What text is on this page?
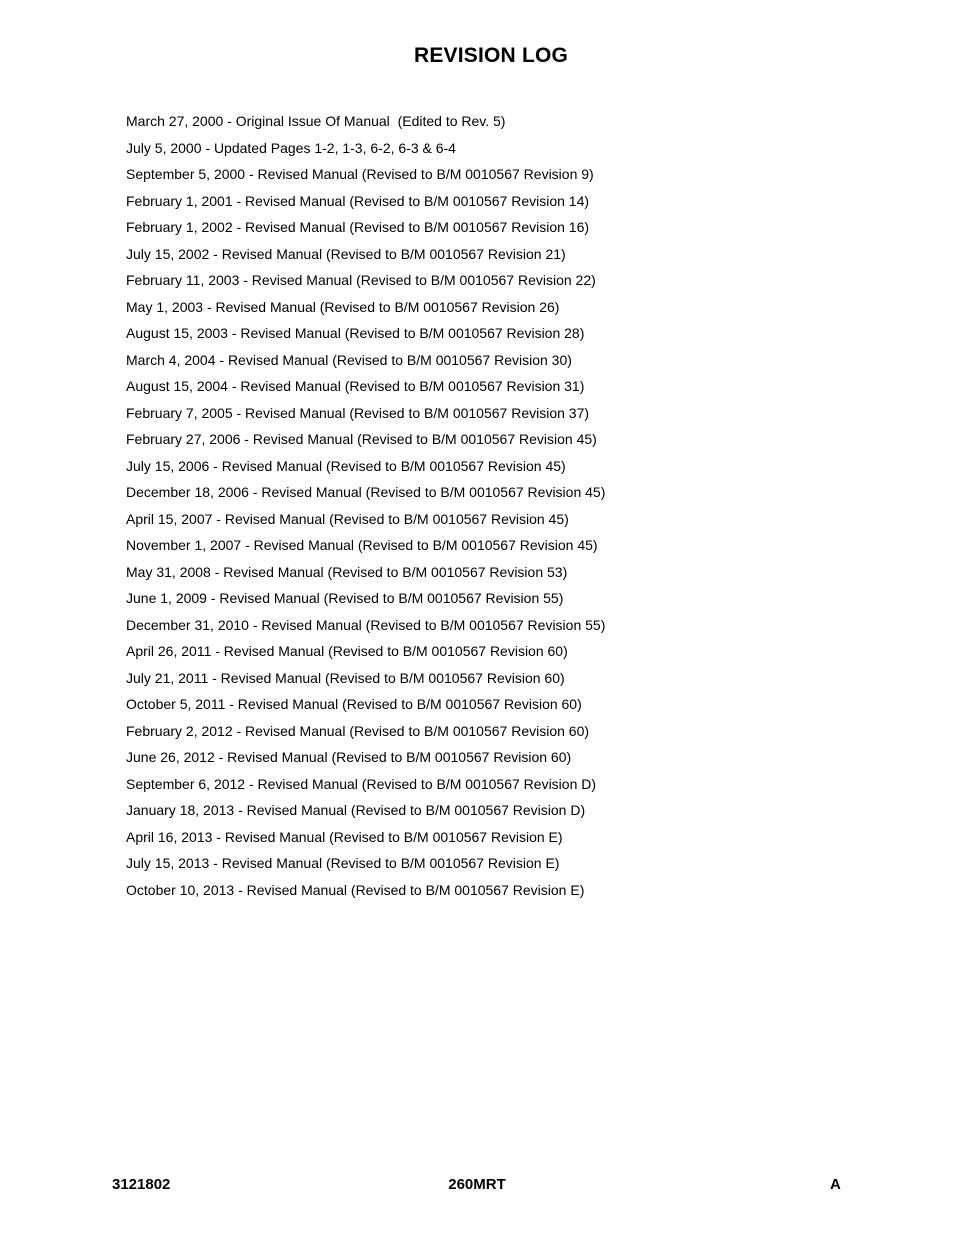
REVISION LOG
March 27, 2000 - Original Issue Of Manual  (Edited to Rev. 5)
July 5, 2000 - Updated Pages 1-2, 1-3, 6-2, 6-3 & 6-4
September 5, 2000 - Revised Manual (Revised to B/M 0010567 Revision 9)
February 1, 2001 - Revised Manual (Revised to B/M 0010567 Revision 14)
February 1, 2002 - Revised Manual (Revised to B/M 0010567 Revision 16)
July 15, 2002 - Revised Manual (Revised to B/M 0010567 Revision 21)
February 11, 2003 - Revised Manual (Revised to B/M 0010567 Revision 22)
May 1, 2003 - Revised Manual (Revised to B/M 0010567 Revision 26)
August 15, 2003 - Revised Manual (Revised to B/M 0010567 Revision 28)
March 4, 2004 - Revised Manual (Revised to B/M 0010567 Revision 30)
August 15, 2004 - Revised Manual (Revised to B/M 0010567 Revision 31)
February 7, 2005 - Revised Manual (Revised to B/M 0010567 Revision 37)
February 27, 2006 - Revised Manual (Revised to B/M 0010567 Revision 45)
July 15, 2006 - Revised Manual (Revised to B/M 0010567 Revision 45)
December 18, 2006 - Revised Manual (Revised to B/M 0010567 Revision 45)
April 15, 2007 - Revised Manual (Revised to B/M 0010567 Revision 45)
November 1, 2007 - Revised Manual (Revised to B/M 0010567 Revision 45)
May 31, 2008 - Revised Manual (Revised to B/M 0010567 Revision 53)
June 1, 2009 - Revised Manual (Revised to B/M 0010567 Revision 55)
December 31, 2010 - Revised Manual (Revised to B/M 0010567 Revision 55)
April 26, 2011 - Revised Manual (Revised to B/M 0010567 Revision 60)
July 21, 2011 - Revised Manual (Revised to B/M 0010567 Revision 60)
October 5, 2011 - Revised Manual (Revised to B/M 0010567 Revision 60)
February 2, 2012 - Revised Manual (Revised to B/M 0010567 Revision 60)
June 26, 2012 - Revised Manual (Revised to B/M 0010567 Revision 60)
September 6, 2012 - Revised Manual (Revised to B/M 0010567 Revision D)
January 18, 2013 - Revised Manual (Revised to B/M 0010567 Revision D)
April 16, 2013 - Revised Manual (Revised to B/M 0010567 Revision E)
July 15, 2013 - Revised Manual (Revised to B/M 0010567 Revision E)
October 10, 2013 - Revised Manual (Revised to B/M 0010567 Revision E)
3121802	260MRT	A
